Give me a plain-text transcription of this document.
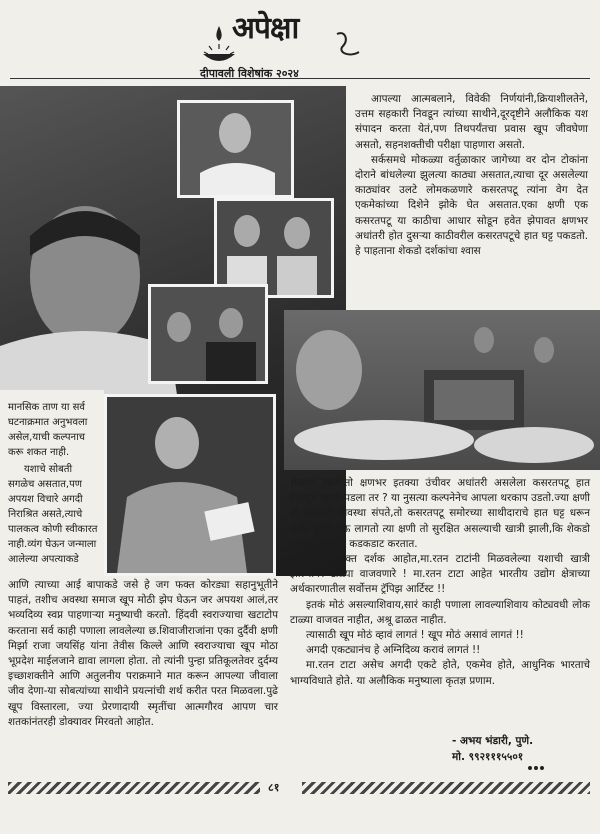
अपेक्षा
दीपावली विशेषांक २०२४

आपल्या आत्मबलाने, विवेकी निर्णयांनी,क्रियाशीलतेने, उत्तम सहकारी निवडून त्यांच्या साथीने,दूरदृष्टीने अलौकिक यश संपादन करता येतं,पण तिथपर्यंतचा प्रवास खूप जीवघेणा असतो, सहनशक्तीची परीक्षा पाहणारा असतो.

सर्कसमधे मोकळ्या वर्तुळाकार जागेच्या वर दोन टोकांना दोराने बांधलेल्या झुलत्या काठ्या असतात,त्याचा दूर असलेल्या काठ्यांवर उलटे लोमकळणारे कसरतपटू त्यांना वेग देत एकमेकांच्या दिशेने झोके घेत असतात.एका क्षणी एक कसरतपटू या काठीचा आधार सोडून हवेत झेपावत क्षणभर अधांतरी होत दुसऱ्या काठीवरील कसरतपटूचे हात घट्ट पकडतो. हे पाहताना शेकडो दर्शकांचा श्वास

मानसिक ताण या सर्व घटनाक्रमात अनुभवला असेल,याची कल्पनाच करू शकत नाही.

यशाचे सोबती सगळेच असतात,पण अपयश विचारे अगदी निराश्रित असते,त्याचे पालकत्व कोणी स्वीकारत नाही.व्यंग घेऊन जन्माला आलेल्या अपत्याकडे

आणि त्याच्या आई बापाकडे जसे हे जग फक्त कोरड्या सहानुभूतीने पाहतं, तशीच अवस्था समाज खूप मोठी झेप घेऊन जर अपयश आलं,तर भव्यदिव्य स्वप्न पाहणाऱ्या मनुष्याची करतो. हिंदवी स्वराज्याचा खटाटोप करताना सर्व काही पणाला लावलेल्या छ.शिवाजीराजांना एका दुर्दैवी क्षणी मिर्झा राजा जयसिंह यांना तेवीस किल्ले आणि स्वराज्याचा खूप मोठा भूप्रदेश माईलजाने द्यावा लागला होता. तो त्यांनी पुन्हा प्रतिकूलतेवर दुर्दम्य इच्छाशक्तीने आणि अतुलनीय पराक्रमाने मात करून आपल्या जीवाला जीव देणा-या सोबत्यांच्या साथीने प्रयत्नांची शर्थ करीत परत मिळवला.पुढे खूप विस्तारला, ज्या प्रेरणादायी स्मृतींचा आत्मगौरव आपण चार शतकांनंतरही डोक्यावर मिरवतो आहोत.

रोखला जातो.तो क्षणभर इतक्या उंचीवर अधांतरी असलेला कसरतपटू हात निसटून खाली पडला तर ? या नुसत्या कल्पनेनेच आपला थरकाप उडतो.ज्या क्षणी ती अधांतरी अवस्था संपते,तो कसरतपटू समोरच्या साथीदाराचे हात घट्ट धरून मजेत झोके घेऊ लागतो त्या क्षणी तो सुरक्षित असल्याची खात्री झाली,कि शेकडो दर्शक टाळ्यांचा कडकडाट करतात.

आपण फक्त दर्शक आहोत,मा.रतन टाटांनी मिळवलेल्या यशाची खात्री झाल्यावर टाळ्या वाजवणारे ! मा.रतन टाटा आहेत भारतीय उद्योग क्षेत्राच्या अर्थकारणातील सर्वोत्तम ट्रॅपिझ आर्टिस्ट !!

इतकं मोठं असल्याशिवाय,सारं काही पणाला लावल्याशिवाय कोट्यवधी लोक टाळ्या वाजवत नाहीत, अश्रू ढाळत नाहीत.

त्यासाठी खूप मोठं व्हावं लागतं ! खूप मोठं असावं लागतं !!

अगदी एकट्यानंच हे अग्निदिव्य करावं लागतं !!

मा.रतन टाटा असेच अगदी एकटे होते, एकमेव होते, आधुनिक भारताचे भाग्यविधाते होते. या अलौकिक मनुष्याला कृतज्ञ प्रणाम.

- अभय भंडारी, पुणे.
मो. ९९२१११५५०१
८१
